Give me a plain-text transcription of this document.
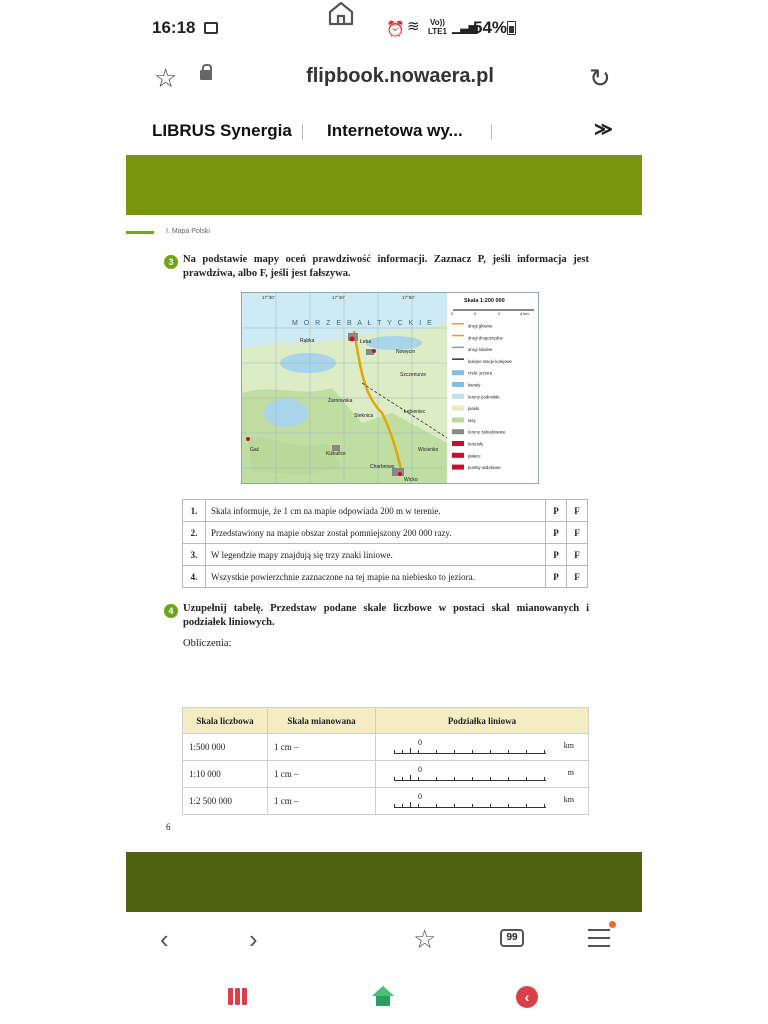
16:18	⏰ ≋ Vo))
LTE1 ▁▃▅
54%
☆	flipbook.nowaera.pl	↻
LIBRUS Synergia Internetowa wy...	≫
I. Mapa Polski
3 Na podstawie mapy oceń prawdziwość informacji. Zaznacz P, jeśli informacja jest prawdziwa, albo F, jeśli jest fałszywa.
M O R Z E B A Ł T Y C K I E
17°30'	17°40'	17°50'
Rąbka	Łeba
Nowęcin
Żarnowska
Steknica
Łebieniec
Szczenurze
Gać
Kiżkulice
Charbrowo
Wicko
Wicienko
Skala 1:200 000
2	0	2	4 km
drogi główne
drogi drugorzędne
drogi lokalne
kolejne stacje kolejowe
rzeki, jeziora
kanały
tereny podmokłe
piaski
lasy
tereny zabudowane
kościoły
pałace
punkty widokowe
1.	Skala informuje, że 1 cm na mapie odpowiada 200 m w terenie.	P	F
2.	Przedstawiony na mapie obszar został pomniejszony 200 000 razy.	P	F
3.	W legendzie mapy znajdują się trzy znaki liniowe.	P	F
4.	Wszystkie powierzchnie zaznaczone na tej mapie na niebiesko to jeziora.	P	F
4 Uzupełnij tabelę. Przedstaw podane skale liczbowe w postaci skal mianowanych i podziałek liniowych.
Obliczenia:
Skala liczbowa	Skala mianowana	Podziałka liniowa
1:500 000	1 cm –	0 km

1:10 000	1 cm –	0 m

1:2 500 000	1 cm –	0 km
6
‹	›	☆	99
‹
